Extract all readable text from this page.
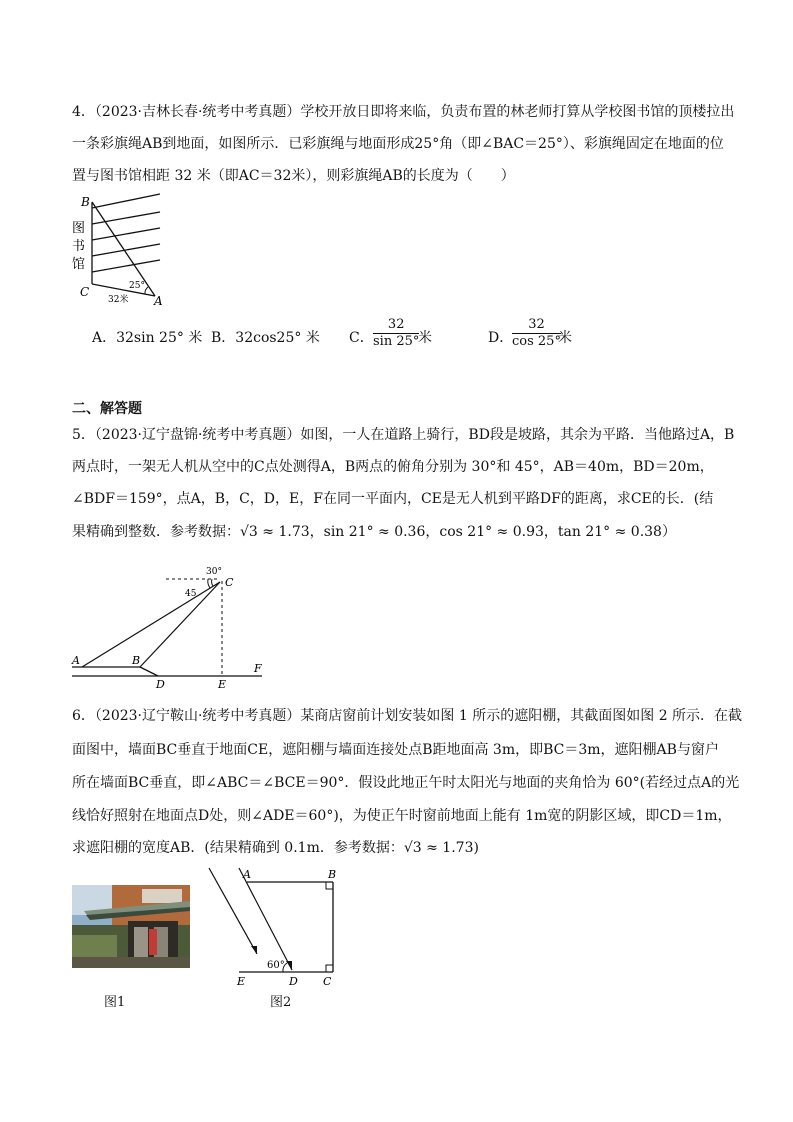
4．（2023·吉林长春·统考中考真题）学校开放日即将来临，负责布置的林老师打算从学校图书馆的顶楼拉出
一条彩旗绳AB到地面，如图所示．已彩旗绳与地面形成25°角（即∠BAC＝25°）、彩旗绳固定在地面的位
置与图书馆相距 32 米（即AC＝32米），则彩旗绳AB的长度为（　　）
B
C
A
图
书
馆
25°
32米
A．32sin 25° 米 B．32cos25° 米 C． $\frac{32}{\sin 25^\circ}$
米	D．
$\frac{32}{\cos 25^\circ}$
米
二、解答题
5．（2023·辽宁盘锦·统考中考真题）如图，一人在道路上骑行，BD段是坡路，其余为平路．当他路过A，B
两点时，一架无人机从空中的C点处测得A，B两点的俯角分别为 30°和 45°，AB＝40m，BD＝20m，
∠BDF＝159°，点A，B，C，D，E，F在同一平面内，CE是无人机到平路DF的距离，求CE的长．(结
果精确到整数．参考数据：√3 ≈ 1.73，sin 21° ≈ 0.36，cos 21° ≈ 0.93，tan 21° ≈ 0.38）
30°
45
C
A	B
D	E
F
6．（2023·辽宁鞍山·统考中考真题）某商店窗前计划安装如图 1 所示的遮阳棚，其截面图如图 2 所示．在截
面图中，墙面BC垂直于地面CE，遮阳棚与墙面连接处点B距地面高 3m，即BC＝3m，遮阳棚AB与窗户
所在墙面BC垂直，即∠ABC＝∠BCE＝90°．假设此地正午时太阳光与地面的夹角恰为 60°(若经过点A的光
线恰好照射在地面点D处，则∠ADE＝60°)，为使正午时窗前地面上能有 1m宽的阴影区域，即CD＝1m，
求遮阳棚的宽度AB．(结果精确到 0.1m．参考数据：√3 ≈ 1.73)
图1
A	B
E	D C
60°
图2
